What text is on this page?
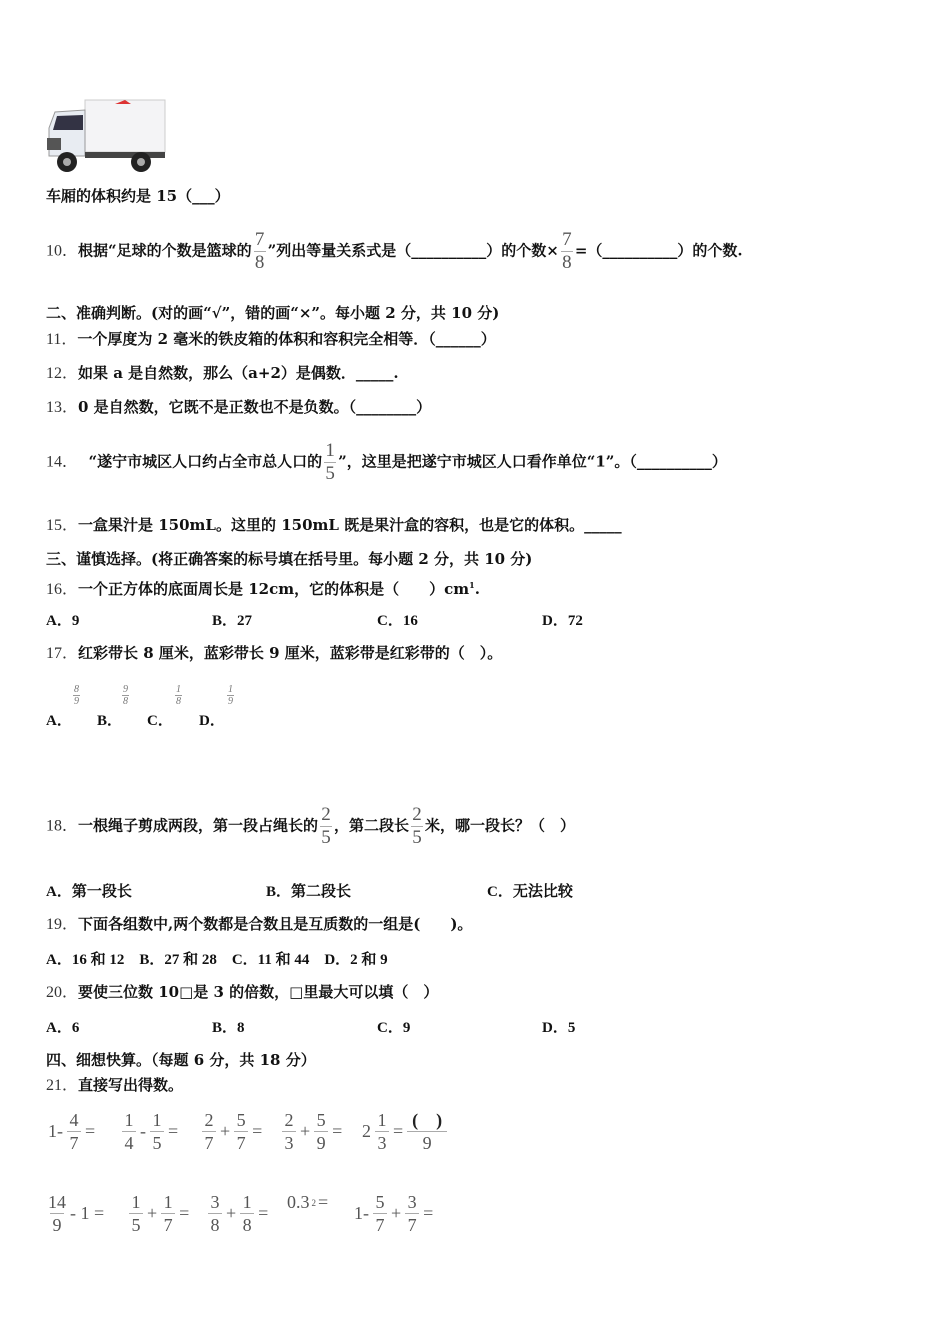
车厢的体积约是 15（___）
10．根据“足球的个数是篮球的 $\frac{7}{8}$ ”列出等量关系式是（__________）的个数× $\frac{7}{8}$ =（__________）的个数.
二、准确判断。(对的画“√”，错的画“×”。每小题 2 分，共 10 分)
11．一个厚度为 2 毫米的铁皮箱的体积和容积完全相等．（______）
12．如果 a 是自然数，那么（a+2）是偶数．_____.
13．0 是自然数，它既不是正数也不是负数。（________）
14． “遂宁市城区人口约占全市总人口的 $\frac{1}{5}$ ”，这里是把遂宁市城区人口看作单位“1”。（__________）
15．一盒果汁是 150mL。这里的 150mL 既是果汁盒的容积，也是它的体积。_____
三、谨慎选择。(将正确答案的标号填在括号里。每小题 2 分，共 10 分)
16．一个正方体的底面周长是 12cm，它的体积是（　　）$cm^1$.
A．9	B．27	C．16	D．72
17．红彩带长 8 厘米，蓝彩带长 9 厘米，蓝彩带是红彩带的（　）。
A．
8
9
B．
9
8
C．
1
8
D．
1
9
18．一根绳子剪成两段，第一段占绳长的 $\frac{2}{5}$ ，第二段长 $\frac{2}{5}$ 米，哪一段长？（　）
A．第一段长	B．第二段长	C．无法比较
19．下面各组数中,两个数都是合数且是互质数的一组是(　　)。
A．16 和 12　B．27 和 28　C．11 和 44　D．2 和 9
20．要使三位数 10□是 3 的倍数，□里最大可以填（　）
A．6	B．8	C．9	D．5
四、细想快算。（每题 6 分，共 18 分）
21．直接写出得数。
$1- \frac{4}{7} = \frac{1}{4} - \frac{1}{5} = \frac{2}{7} + \frac{5}{7} = \frac{2}{3} + \frac{5}{9} = 2 \frac{1}{3} = \frac{( )}{9}$
$\frac{14}{9} - 1 = \frac{1}{5} + \frac{1}{7} = \frac{3}{8} + \frac{1}{8}$ =
0.3 2 =
$1- \frac{5}{7} + \frac{3}{7}$ =
